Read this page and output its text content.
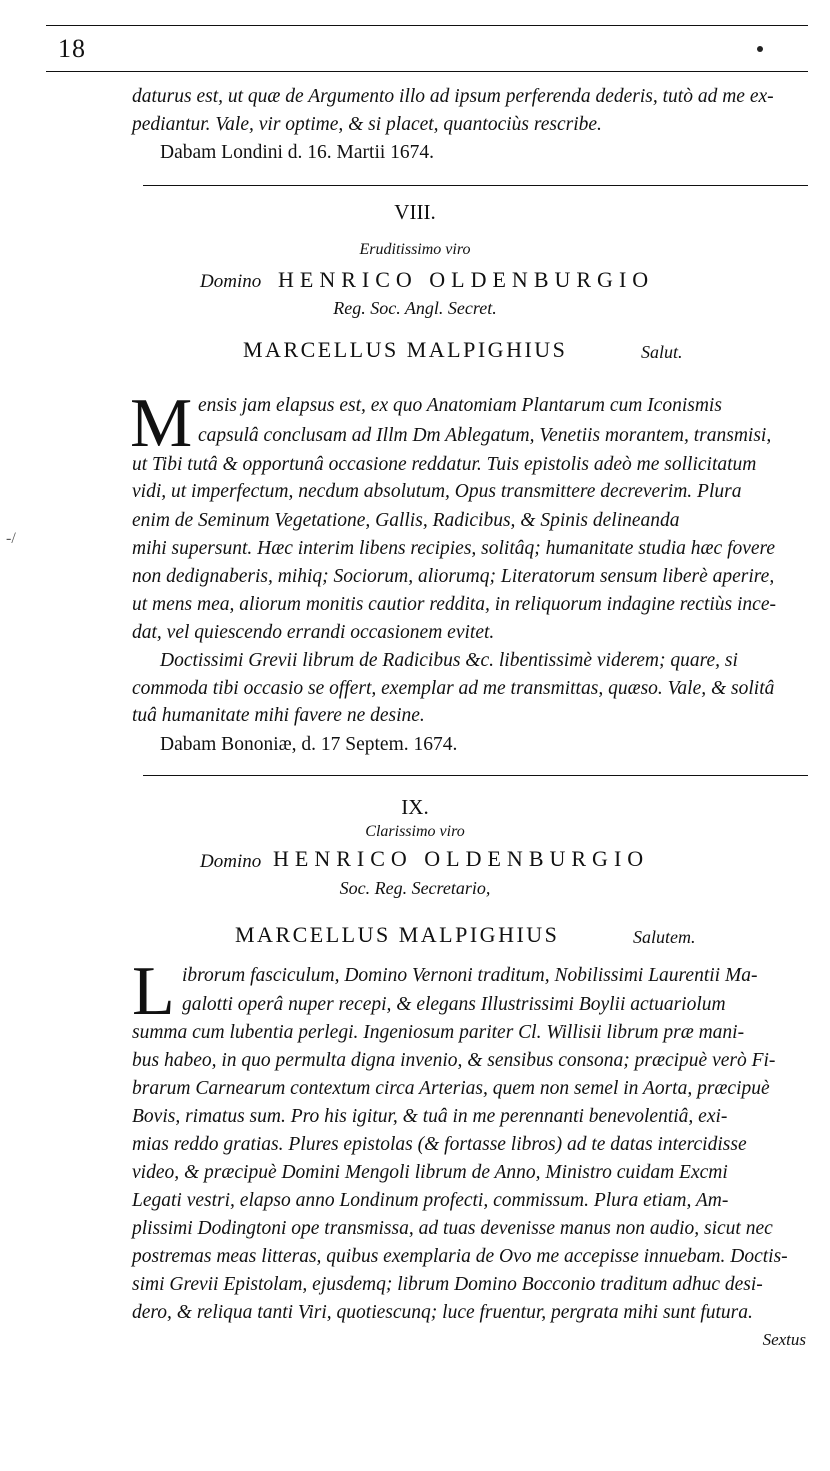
18
daturus est, ut quæ de Argumento illo ad ipsum perferenda dederis, tutò ad me ex-
pediantur. Vale, vir optime, & si placet, quantociùs rescribe.
Dabam Londini d. 16. Martii 1674.
VIII.
Eruditissimo viro
Domino HENRICO OLDENBURGIO
Reg. Soc. Angl. Secret.
MARCELLUS MALPIGHIUS	Salut.
M ensis jam elapsus est, ex quo Anatomiam Plantarum cum Iconismis
capsulâ conclusam ad Illm Dm Ablegatum, Venetiis morantem, transmisi,
ut Tibi tutâ & opportunâ occasione reddatur. Tuis epistolis adeò me sollicitatum
vidi, ut imperfectum, necdum absolutum, Opus transmittere decreverim. Plura
enim de Seminum Vegetatione, Gallis, Radicibus, & Spinis delineanda
mihi supersunt. Hæc interim libens recipies, solitâq; humanitate studia hæc fovere
non dedignaberis, mihiq; Sociorum, aliorumq; Literatorum sensum liberè aperire,
ut mens mea, aliorum monitis cautior reddita, in reliquorum indagine rectiùs ince-
dat, vel quiescendo errandi occasionem evitet.
Doctissimi Grevii librum de Radicibus &c. libentissimè viderem; quare, si
commoda tibi occasio se offert, exemplar ad me transmittas, quæso. Vale, & solitâ
tuâ humanitate mihi favere ne desine.
Dabam Bononiæ, d. 17 Septem. 1674.
IX.
Clarissimo viro
Domino HENRICO OLDENBURGIO
Soc. Reg. Secretario,
MARCELLUS MALPIGHIUS	Salutem.
L ibrorum fasciculum, Domino Vernoni traditum, Nobilissimi Laurentii Ma-
galotti operâ nuper recepi, & elegans Illustrissimi Boylii actuariolum
summa cum lubentia perlegi. Ingeniosum pariter Cl. Willisii librum præ mani-
bus habeo, in quo permulta digna invenio, & sensibus consona; præcipuè verò Fi-
brarum Carnearum contextum circa Arterias, quem non semel in Aorta, præcipuè
Bovis, rimatus sum. Pro his igitur, & tuâ in me perennanti benevolentiâ, exi-
mias reddo gratias. Plures epistolas (& fortasse libros) ad te datas intercidisse
video, & præcipuè Domini Mengoli librum de Anno, Ministro cuidam Excmi
Legati vestri, elapso anno Londinum profecti, commissum. Plura etiam, Am-
plissimi Dodingtoni ope transmissa, ad tuas devenisse manus non audio, sicut nec
postremas meas litteras, quibus exemplaria de Ovo me accepisse innuebam. Doctis-
simi Grevii Epistolam, ejusdemq; librum Domino Bocconio traditum adhuc desi-
dero, & reliqua tanti Viri, quotiescunq; luce fruentur, pergrata mihi sunt futura.
Sextus
-/
